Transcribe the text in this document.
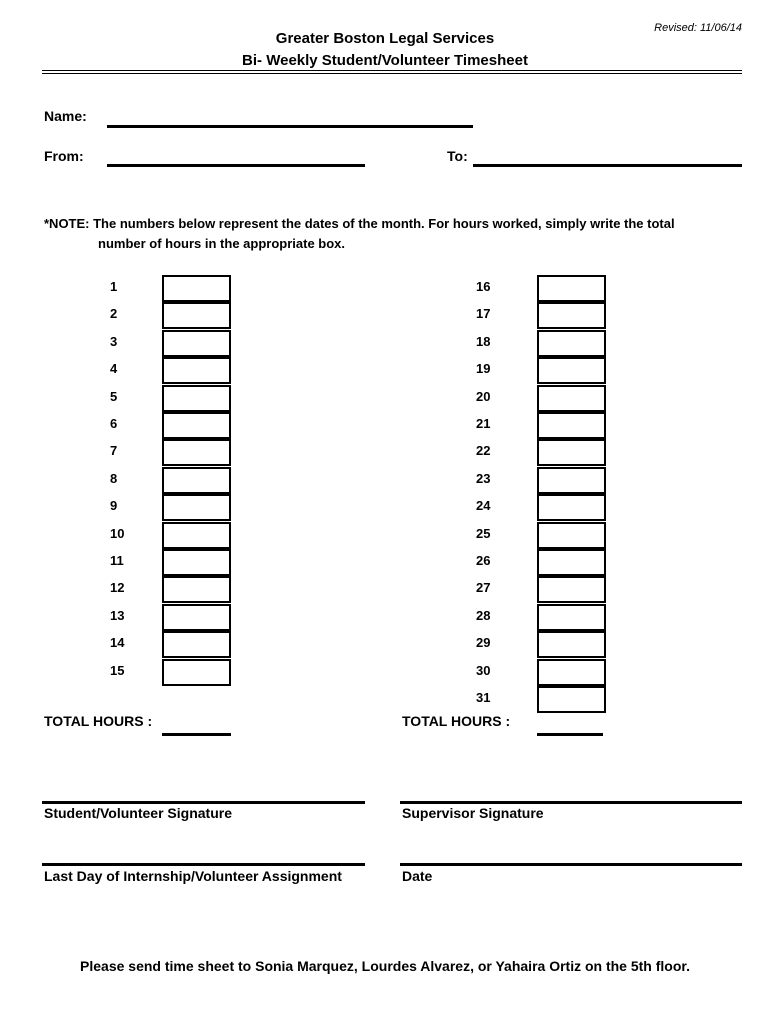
Revised: 11/06/14
Greater Boston Legal Services
Bi- Weekly Student/Volunteer Timesheet
Name:
From:	To:
*NOTE: The numbers below represent the dates of the month. For hours worked, simply write the total
number of hours in the appropriate box.
1
2
3
4
5
6
7
8
9
10
11
12
13
14
15
16
17
18
19
20
21
22
23
24
25
26
27
28
29
30
31
TOTAL HOURS :	TOTAL HOURS :
Student/Volunteer Signature	Supervisor Signature
Last Day of Internship/Volunteer Assignment	Date
Please send time sheet to Sonia Marquez, Lourdes Alvarez, or Yahaira Ortiz on the 5th floor.
